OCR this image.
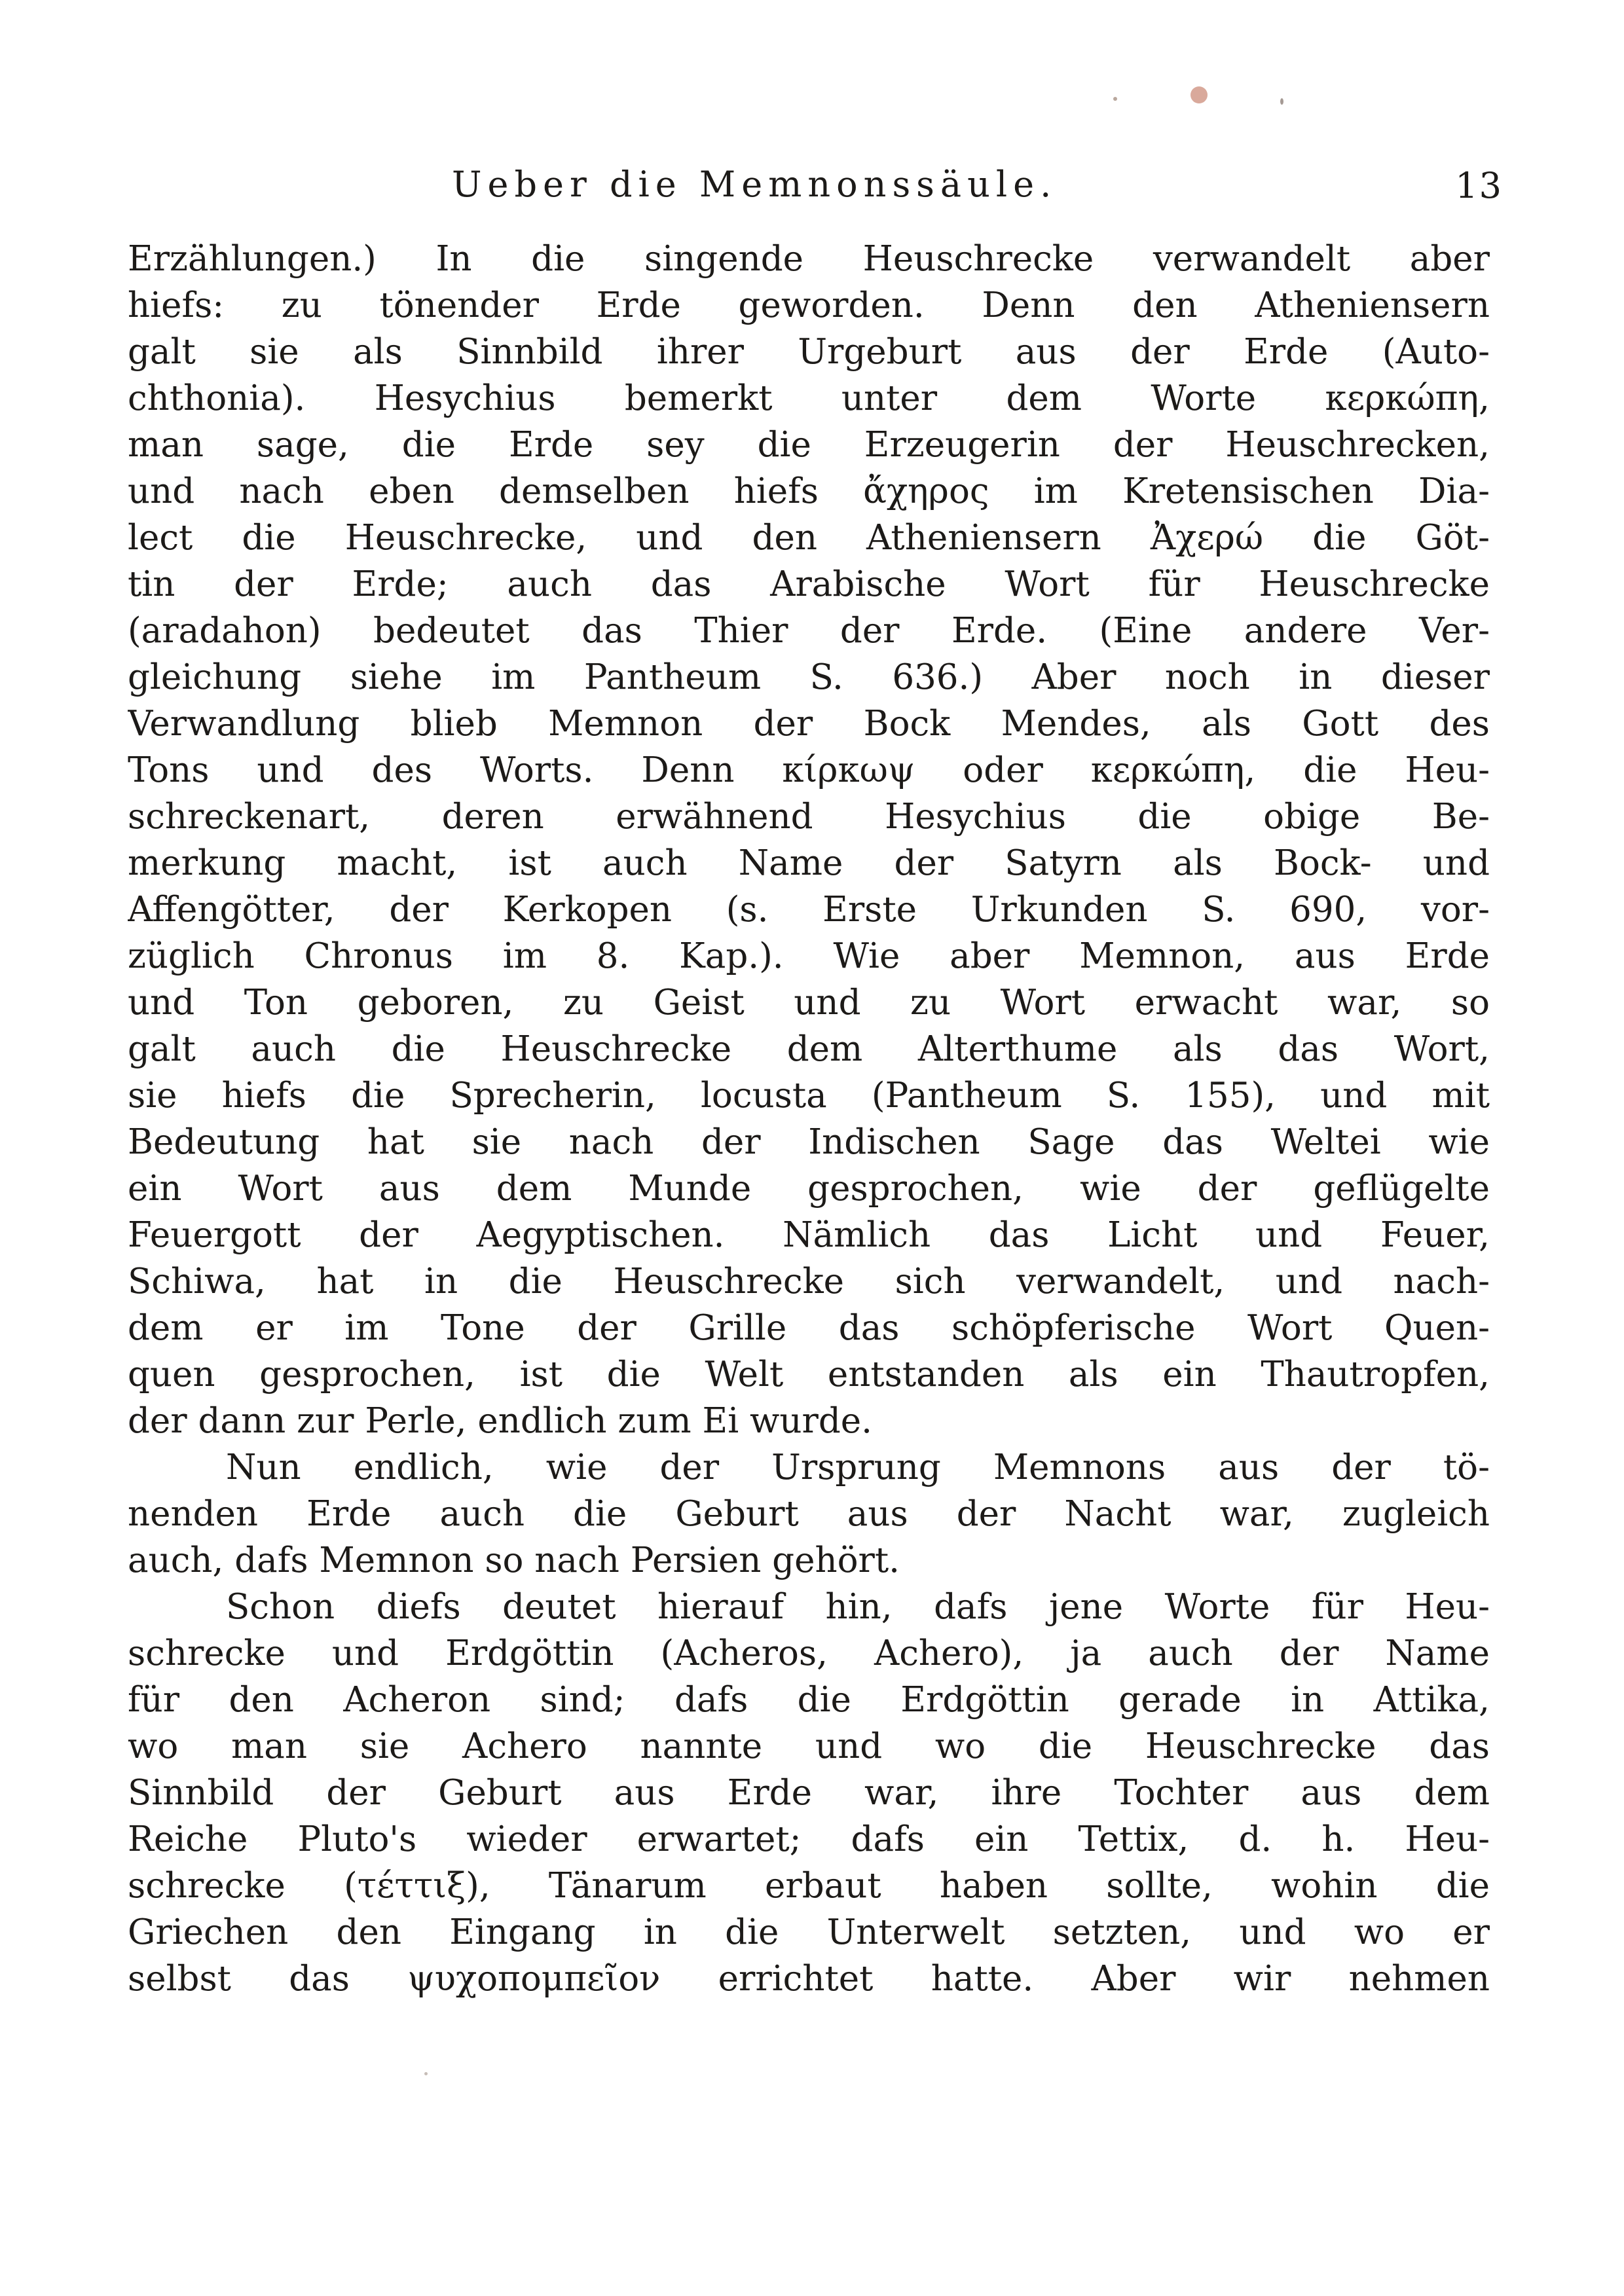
Ueber die Memnonssäule.	13
Erzählungen.) In die singende Heuschrecke verwandelt aber
hiefs: zu tönender Erde geworden. Denn den Atheniensern
galt sie als Sinnbild ihrer Urgeburt aus der Erde (Auto-
chthonia). Hesychius bemerkt unter dem Worte κερκώπη,
man sage, die Erde sey die Erzeugerin der Heuschrecken,
und nach eben demselben hiefs ἄχηρος im Kretensischen Dia-
lect die Heuschrecke, und den Atheniensern Ἀχερώ die Göt-
tin der Erde; auch das Arabische Wort für Heuschrecke
(aradahon) bedeutet das Thier der Erde. (Eine andere Ver-
gleichung siehe im Pantheum S. 636.) Aber noch in dieser
Verwandlung blieb Memnon der Bock Mendes, als Gott des
Tons und des Worts. Denn κίρκωψ oder κερκώπη, die Heu-
schreckenart, deren erwähnend Hesychius die obige Be-
merkung macht, ist auch Name der Satyrn als Bock- und
Affengötter, der Kerkopen (s. Erste Urkunden S. 690, vor-
züglich Chronus im 8. Kap.). Wie aber Memnon, aus Erde
und Ton geboren, zu Geist und zu Wort erwacht war, so
galt auch die Heuschrecke dem Alterthume als das Wort,
sie hiefs die Sprecherin, locusta (Pantheum S. 155), und mit
Bedeutung hat sie nach der Indischen Sage das Weltei wie
ein Wort aus dem Munde gesprochen, wie der geflügelte
Feuergott der Aegyptischen. Nämlich das Licht und Feuer,
Schiwa, hat in die Heuschrecke sich verwandelt, und nach-
dem er im Tone der Grille das schöpferische Wort Quen-
quen gesprochen, ist die Welt entstanden als ein Thautropfen,
der dann zur Perle, endlich zum Ei wurde.
Nun endlich, wie der Ursprung Memnons aus der tö-
nenden Erde auch die Geburt aus der Nacht war, zugleich
auch, dafs Memnon so nach Persien gehört.
Schon diefs deutet hierauf hin, dafs jene Worte für Heu-
schrecke und Erdgöttin (Acheros, Achero), ja auch der Name
für den Acheron sind; dafs die Erdgöttin gerade in Attika,
wo man sie Achero nannte und wo die Heuschrecke das
Sinnbild der Geburt aus Erde war, ihre Tochter aus dem
Reiche Pluto's wieder erwartet; dafs ein Tettix, d. h. Heu-
schrecke (τέττιξ), Tänarum erbaut haben sollte, wohin die
Griechen den Eingang in die Unterwelt setzten, und wo er
selbst das ψυχοπομπεῖον errichtet hatte. Aber wir nehmen
